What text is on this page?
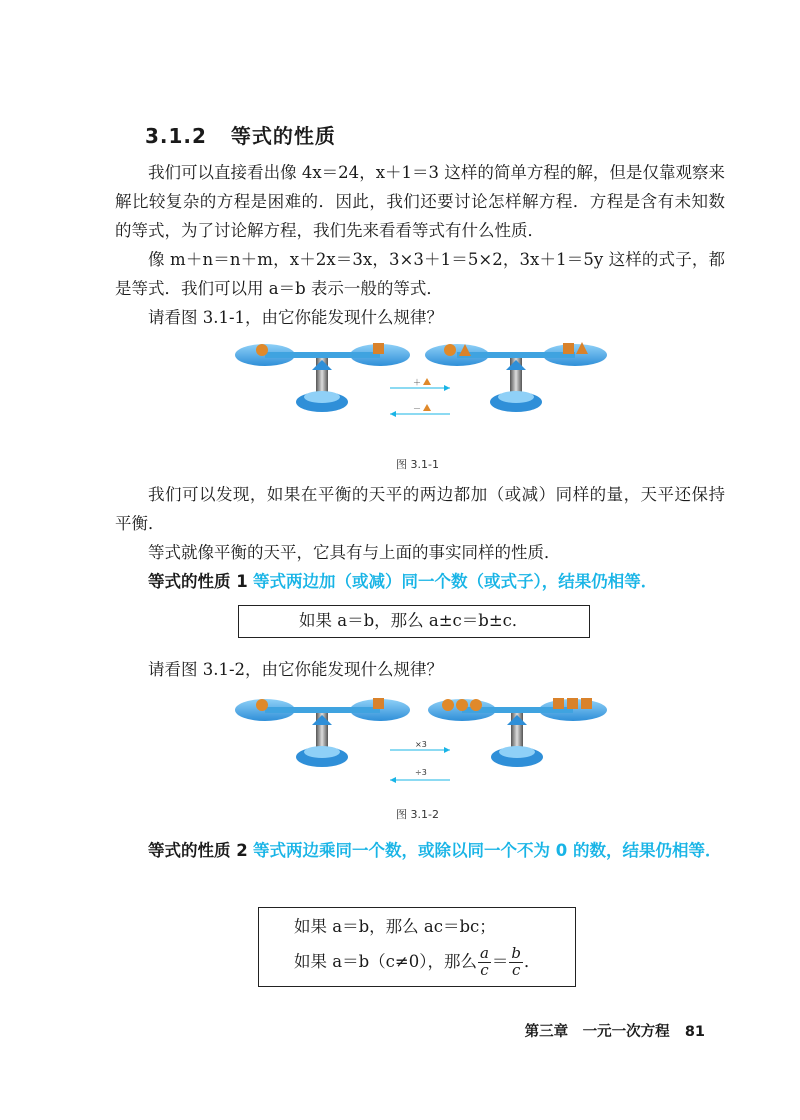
3.1.2 等式的性质
我们可以直接看出像 4x＝24，x＋1＝3 这样的简单方程的解，但是仅靠观察来解比较复杂的方程是困难的．因此，我们还要讨论怎样解方程．方程是含有未知数的等式，为了讨论解方程，我们先来看看等式有什么性质．
像 m＋n＝n＋m，x＋2x＝3x，3×3＋1＝5×2，3x＋1＝5y 这样的式子，都是等式．我们可以用 a＝b 表示一般的等式．
请看图 3.1-1，由它你能发现什么规律？
＋
－
图 3.1-1
我们可以发现，如果在平衡的天平的两边都加（或减）同样的量，天平还保持平衡．
等式就像平衡的天平，它具有与上面的事实同样的性质．
等式的性质 1 等式两边加（或减）同一个数（或式子），结果仍相等．
如果 a＝b，那么 a±c＝b±c．
请看图 3.1-2，由它你能发现什么规律？
×3
÷3
图 3.1-2
等式的性质 2 等式两边乘同一个数，或除以同一个不为 0 的数，结果仍相等．
如果 a＝b，那么 ac＝bc；
如果 a＝b（c≠0），那么 $\frac{a}{c} = \frac{b}{c}$ ．
第三章　一元一次方程 81
